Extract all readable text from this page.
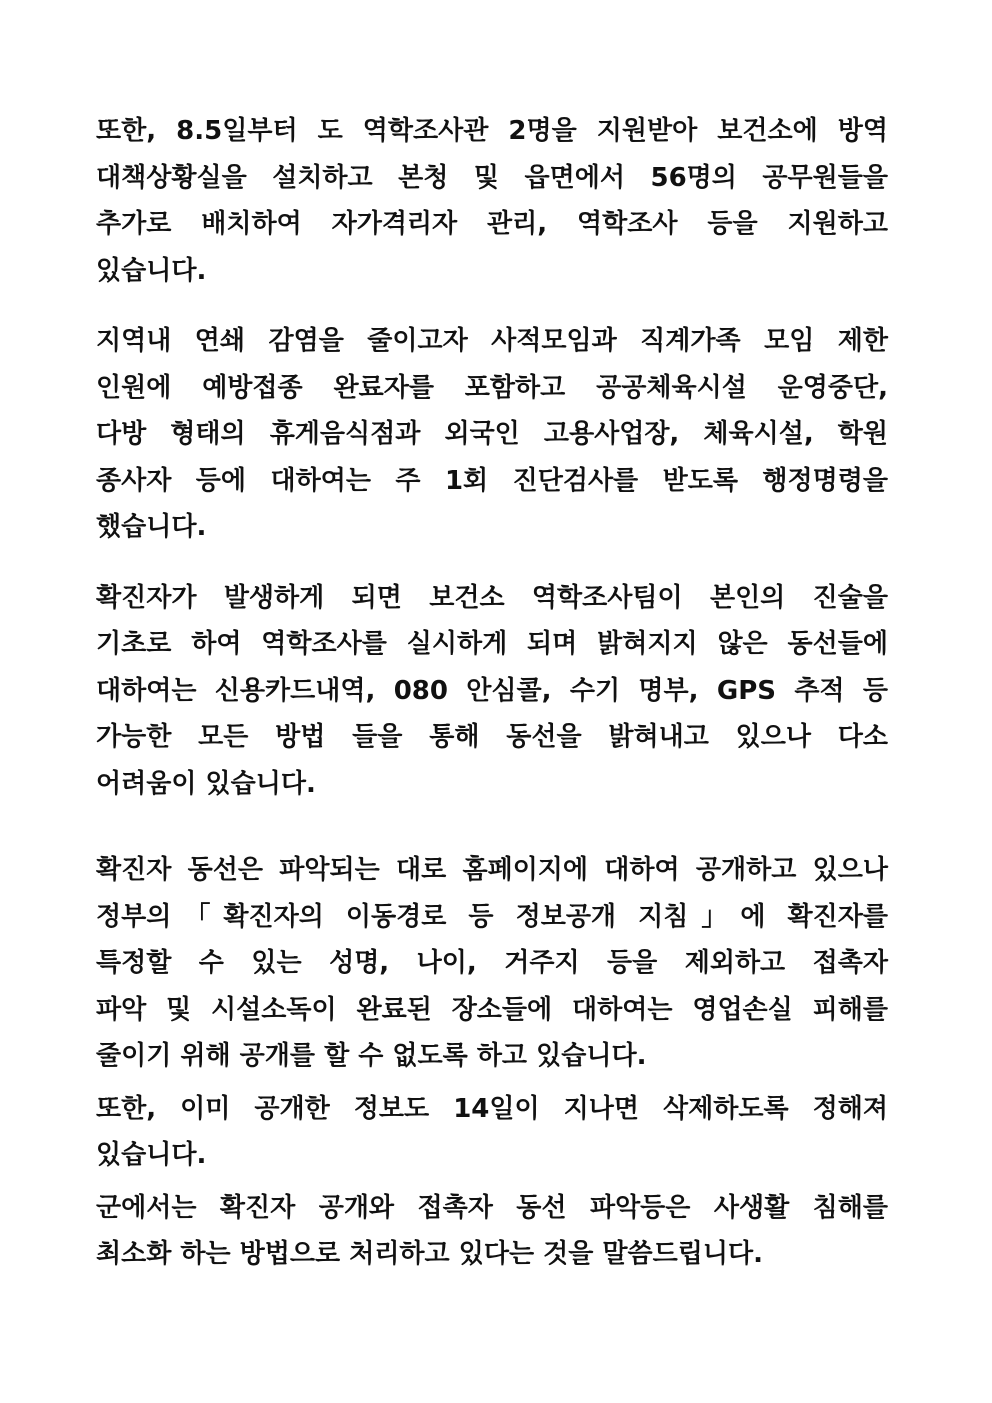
또한, 8.5일부터 도 역학조사관 2명을 지원받아 보건소에 방역
대책상황실을 설치하고 본청 및 읍면에서 56명의 공무원들을
추가로 배치하여 자가격리자 관리, 역학조사 등을 지원하고
있습니다.
지역내 연쇄 감염을 줄이고자 사적모임과 직계가족 모임 제한
인원에 예방접종 완료자를 포함하고 공공체육시설 운영중단,
다방 형태의 휴게음식점과 외국인 고용사업장, 체육시설, 학원
종사자 등에 대하여는 주 1회 진단검사를 받도록 행정명령을
했습니다.
확진자가 발생하게 되면 보건소 역학조사팀이 본인의 진술을
기초로 하여 역학조사를 실시하게 되며 밝혀지지 않은 동선들에
대하여는 신용카드내역, 080 안심콜, 수기 명부, GPS 추적 등
가능한 모든 방법 들을 통해 동선을 밝혀내고 있으나 다소
어려움이 있습니다.
확진자 동선은 파악되는 대로 홈페이지에 대하여 공개하고 있으나
정부의「확진자의 이동경로 등 정보공개 지침」에 확진자를
특정할 수 있는 성명, 나이, 거주지 등을 제외하고 접촉자
파악 및 시설소독이 완료된 장소들에 대하여는 영업손실 피해를
줄이기 위해 공개를 할 수 없도록 하고 있습니다.
또한, 이미 공개한 정보도 14일이 지나면 삭제하도록 정해져
있습니다.
군에서는 확진자 공개와 접촉자 동선 파악등은 사생활 침해를
최소화 하는 방법으로 처리하고 있다는 것을 말씀드립니다.
